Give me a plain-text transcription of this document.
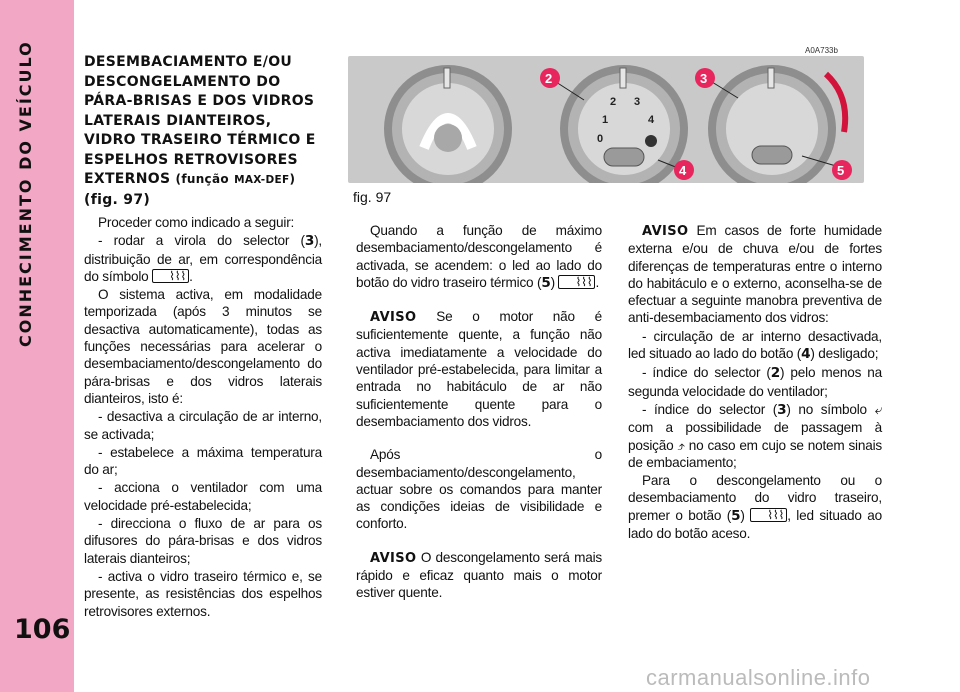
CONHECIMENTO DO VEÍCULO
106
DESEMBACIAMENTO E/OU DESCONGELAMENTO DO PÁRA-BRISAS E DOS VIDROS LATERAIS DIANTEIROS, VIDRO TRASEIRO TÉRMICO E ESPELHOS RETROVISORES EXTERNOS (função MAX-DEF)
(fig. 97)

Proceder como indicado a seguir:

- rodar a virola do selector (3), distribuição de ar, em correspondência do símbolo ⌇⌇⌇ .

O sistema activa, em modalidade temporizada (após 3 minutos se desactiva automaticamente), todas as funções necessárias para acelerar o desembaciamento/descongelamento do pára-brisas e dos vidros laterais dianteiros, isto é:

- desactiva a circulação de ar interno, se activada;

- estabelece a máxima temperatura do ar;

- acciona o ventilador com uma velocidade pré-estabelecida;

- direcciona o fluxo de ar para os difusores do pára-brisas e dos vidros laterais dianteiros;

- activa o vidro traseiro térmico e, se presente, as resistências dos espelhos retrovisores externos.

A0A733b
0
1
2 3
4
2	3
4	5
fig. 97

Quando a função de máximo desembaciamento/descongelamento é activada, se acendem: o led ao lado do botão do vidro traseiro térmico (5) ⌇⌇⌇ .

AVISO Se o motor não é suficientemente quente, a função não activa imediatamente a velocidade do ventilador pré-estabelecida, para limitar a entrada no habitáculo de ar não suficientemente quente para o desembaciamento dos vidros.

Após o desembaciamento/descongelamento, actuar sobre os comandos para manter as condições ideias de visibilidade e conforto.

AVISO O descongelamento será mais rápido e eficaz quanto mais o motor estiver quente.

AVISO Em casos de forte humidade externa e/ou de chuva e/ou de fortes diferenças de temperaturas entre o interno do habitáculo e o externo, aconselha-se de efectuar a seguinte manobra preventiva de anti-desembaciamento dos vidros:

- circulação de ar interno desactivada, led situado ao lado do botão (4) desligado;

- índice do selector (2) pelo menos na segunda velocidade do ventilador;

- índice do selector (3) no símbolo ⤶ com a possibilidade de passagem à posição ⤴ no caso em cujo se notem sinais de embaciamento;

Para o descongelamento ou o desembaciamento do vidro traseiro, premer o botão (5) ⌇⌇⌇ , led situado ao lado do botão aceso.

carmanualsonline.info
